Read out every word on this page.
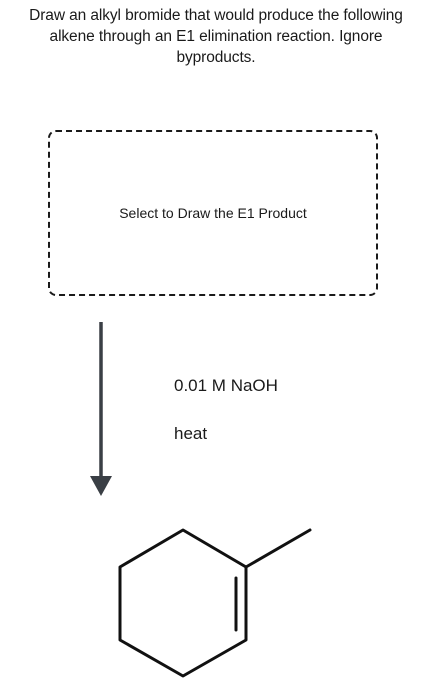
Draw an alkyl bromide that would produce the following
alkene through an E1 elimination reaction. Ignore
byproducts.
Select to Draw the E1 Product
0.01 M NaOH
heat
